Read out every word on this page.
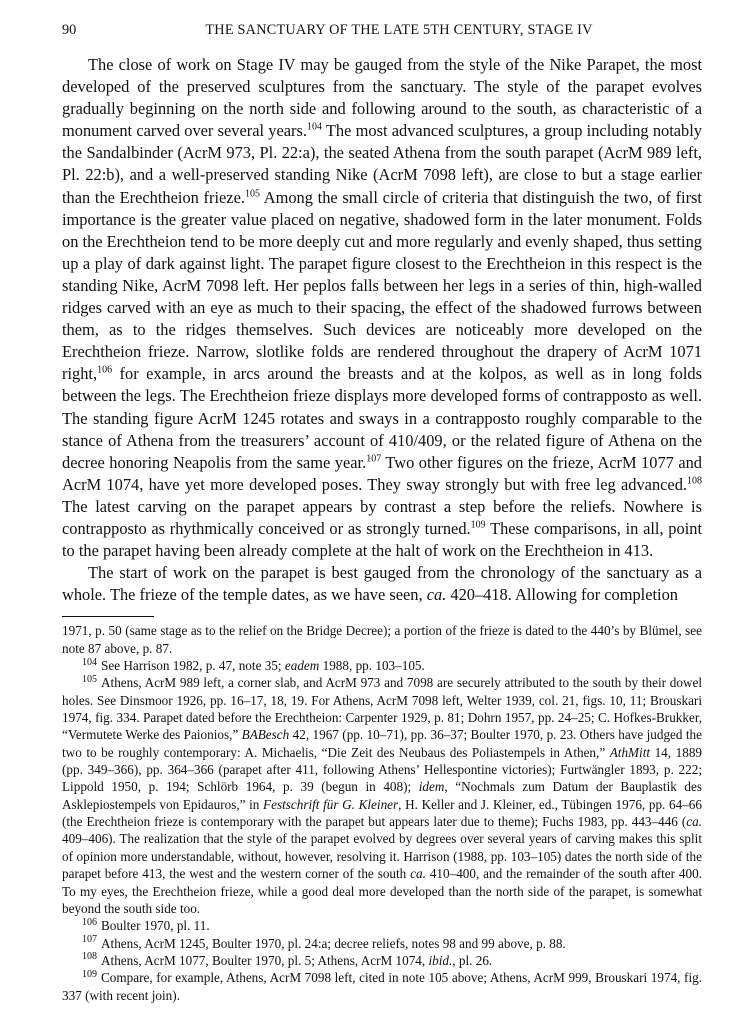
90	THE SANCTUARY OF THE LATE 5TH CENTURY, STAGE IV

The close of work on Stage IV may be gauged from the style of the Nike Parapet, the most developed of the preserved sculptures from the sanctuary. The style of the parapet evolves gradually beginning on the north side and following around to the south, as characteristic of a monument carved over several years.$^{104}$ The most advanced sculptures, a group including notably the Sandalbinder (AcrM 973, Pl. 22:a), the seated Athena from the south parapet (AcrM 989 left, Pl. 22:b), and a well-preserved standing Nike (AcrM 7098 left), are close to but a stage earlier than the Erechtheion frieze.$^{105}$ Among the small circle of criteria that distinguish the two, of first importance is the greater value placed on negative, shadowed form in the later monument. Folds on the Erechtheion tend to be more deeply cut and more regularly and evenly shaped, thus setting up a play of dark against light. The parapet figure closest to the Erechtheion in this respect is the standing Nike, AcrM 7098 left. Her peplos falls between her legs in a series of thin, high-walled ridges carved with an eye as much to their spacing, the effect of the shadowed furrows between them, as to the ridges themselves. Such devices are noticeably more developed on the Erechtheion frieze. Narrow, slotlike folds are rendered throughout the drapery of AcrM 1071 right,$^{106}$ for example, in arcs around the breasts and at the kolpos, as well as in long folds between the legs. The Erechtheion frieze displays more developed forms of contrapposto as well. The standing figure AcrM 1245 rotates and sways in a contrapposto roughly comparable to the stance of Athena from the treasurers’ account of 410/409, or the related figure of Athena on the decree honoring Neapolis from the same year.$^{107}$ Two other figures on the frieze, AcrM 1077 and AcrM 1074, have yet more developed poses. They sway strongly but with free leg advanced.$^{108}$ The latest carving on the parapet appears by contrast a step before the reliefs. Nowhere is contrapposto as rhythmically conceived or as strongly turned.$^{109}$ These comparisons, in all, point to the parapet having been already complete at the halt of work on the Erechtheion in 413.

The start of work on the parapet is best gauged from the chronology of the sanctuary as a whole. The frieze of the temple dates, as we have seen, ca. 420–418. Allowing for completion

1971, p. 50 (same stage as to the relief on the Bridge Decree); a portion of the frieze is dated to the 440’s by Blümel, see note 87 above, p. 87.

$^{104}$ See Harrison 1982, p. 47, note 35; eadem 1988, pp. 103–105.

$^{105}$ Athens, AcrM 989 left, a corner slab, and AcrM 973 and 7098 are securely attributed to the south by their dowel holes. See Dinsmoor 1926, pp. 16–17, 18, 19. For Athens, AcrM 7098 left, Welter 1939, col. 21, figs. 10, 11; Brouskari 1974, fig. 334. Parapet dated before the Erechtheion: Carpenter 1929, p. 81; Dohrn 1957, pp. 24–25; C. Hofkes-Brukker, “Vermutete Werke des Paionios,” BABesch 42, 1967 (pp. 10–71), pp. 36–37; Boulter 1970, p. 23. Others have judged the two to be roughly contemporary: A. Michaelis, “Die Zeit des Neubaus des Poliastempels in Athen,” AthMitt 14, 1889 (pp. 349–366), pp. 364–366 (parapet after 411, following Athens’ Hellespontine victories); Furtwängler 1893, p. 222; Lippold 1950, p. 194; Schlörb 1964, p. 39 (begun in 408); idem, “Nochmals zum Datum der Bauplastik des Asklepiostempels von Epidauros,” in Festschrift für G. Kleiner, H. Keller and J. Kleiner, ed., Tübingen 1976, pp. 64–66 (the Erechtheion frieze is contemporary with the parapet but appears later due to theme); Fuchs 1983, pp. 443–446 (ca. 409–406). The realization that the style of the parapet evolved by degrees over several years of carving makes this split of opinion more understandable, without, however, resolving it. Harrison (1988, pp. 103–105) dates the north side of the parapet before 413, the west and the western corner of the south ca. 410–400, and the remainder of the south after 400. To my eyes, the Erechtheion frieze, while a good deal more developed than the north side of the parapet, is somewhat beyond the south side too.

$^{106}$ Boulter 1970, pl. 11.

$^{107}$ Athens, AcrM 1245, Boulter 1970, pl. 24:a; decree reliefs, notes 98 and 99 above, p. 88.

$^{108}$ Athens, AcrM 1077, Boulter 1970, pl. 5; Athens, AcrM 1074, ibid., pl. 26.

$^{109}$ Compare, for example, Athens, AcrM 7098 left, cited in note 105 above; Athens, AcrM 999, Brouskari 1974, fig. 337 (with recent join).
